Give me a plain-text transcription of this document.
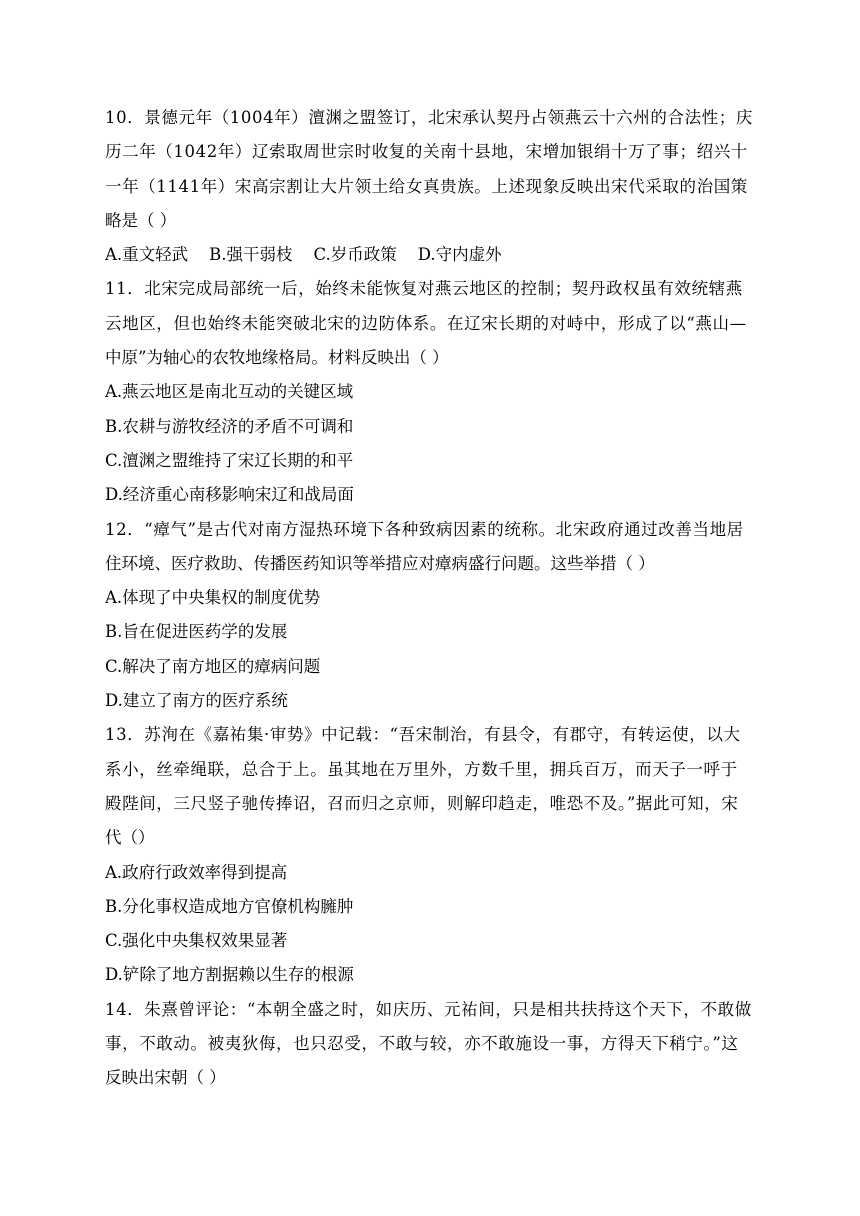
10．景德元年（1004年）澶渊之盟签订，北宋承认契丹占领燕云十六州的合法性；庆
历二年（1042年）辽索取周世宗时收复的关南十县地，宋增加银绢十万了事；绍兴十
一年（1141年）宋高宗割让大片领土给女真贵族。上述现象反映出宋代采取的治国策
略是（ ）
A.重文轻武    B.强干弱枝    C.岁币政策    D.守内虚外
11．北宋完成局部统一后，始终未能恢复对燕云地区的控制；契丹政权虽有效统辖燕
云地区，但也始终未能突破北宋的边防体系。在辽宋长期的对峙中，形成了以“燕山—
中原”为轴心的农牧地缘格局。材料反映出（ ）
A.燕云地区是南北互动的关键区域
B.农耕与游牧经济的矛盾不可调和
C.澶渊之盟维持了宋辽长期的和平
D.经济重心南移影响宋辽和战局面
12．“瘴气”是古代对南方湿热环境下各种致病因素的统称。北宋政府通过改善当地居
住环境、医疗救助、传播医药知识等举措应对瘴病盛行问题。这些举措（ ）
A.体现了中央集权的制度优势
B.旨在促进医药学的发展
C.解决了南方地区的瘴病问题
D.建立了南方的医疗系统
13．苏洵在《嘉祐集·审势》中记载：“吾宋制治，有县令，有郡守，有转运使，以大
系小，丝牵绳联，总合于上。虽其地在万里外，方数千里，拥兵百万，而天子一呼于
殿陛间，三尺竖子驰传捧诏，召而归之京师，则解印趋走，唯恐不及。”据此可知，宋
代（）
A.政府行政效率得到提高
B.分化事权造成地方官僚机构臃肿
C.强化中央集权效果显著
D.铲除了地方割据赖以生存的根源
14．朱熹曾评论：“本朝全盛之时，如庆历、元祐间，只是相共扶持这个天下，不敢做
事，不敢动。被夷狄侮，也只忍受，不敢与较，亦不敢施设一事，方得天下稍宁。”这
反映出宋朝（ ）
